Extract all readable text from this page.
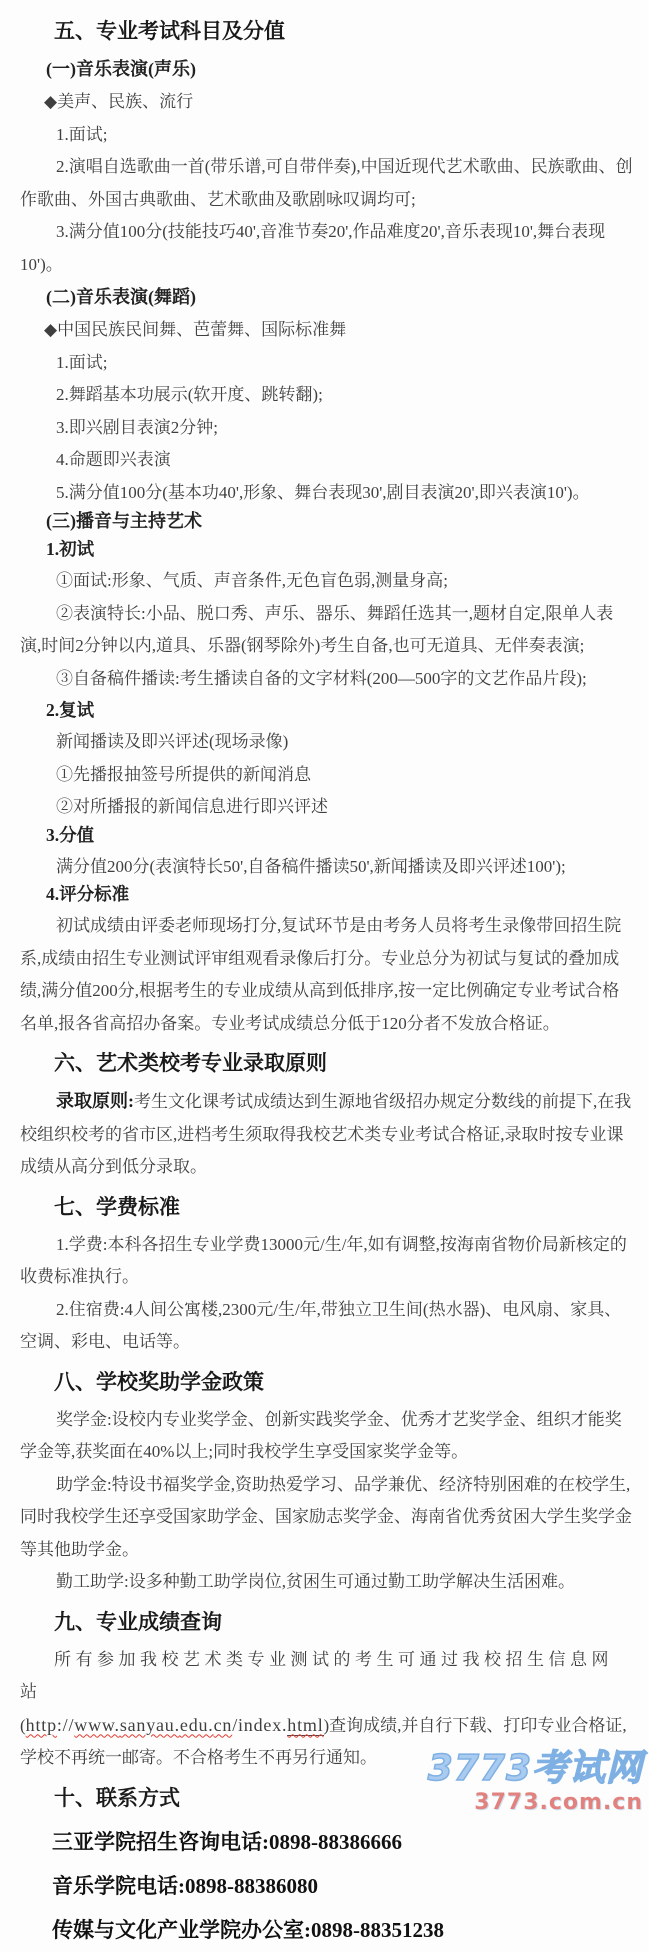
五、专业考试科目及分值
(一)音乐表演(声乐)

◆美声、民族、流行

1.面试;

2.演唱自选歌曲一首(带乐谱,可自带伴奏),中国近现代艺术歌曲、民族歌曲、创作歌曲、外国古典歌曲、艺术歌曲及歌剧咏叹调均可;

3.满分值100分(技能技巧40',音准节奏20',作品难度20',音乐表现10',舞台表现10')。

(二)音乐表演(舞蹈)

◆中国民族民间舞、芭蕾舞、国际标准舞

1.面试;

2.舞蹈基本功展示(软开度、跳转翻);

3.即兴剧目表演2分钟;

4.命题即兴表演

5.满分值100分(基本功40',形象、舞台表现30',剧目表演20',即兴表演10')。

(三)播音与主持艺术

1.初试

①面试:形象、气质、声音条件,无色盲色弱,测量身高;

②表演特长:小品、脱口秀、声乐、器乐、舞蹈任选其一,题材自定,限单人表演,时间2分钟以内,道具、乐器(钢琴除外)考生自备,也可无道具、无伴奏表演;

③自备稿件播读:考生播读自备的文字材料(200—500字的文艺作品片段);

2.复试

新闻播读及即兴评述(现场录像)

①先播报抽签号所提供的新闻消息

②对所播报的新闻信息进行即兴评述

3.分值

满分值200分(表演特长50',自备稿件播读50',新闻播读及即兴评述100');

4.评分标准

初试成绩由评委老师现场打分,复试环节是由考务人员将考生录像带回招生院系,成绩由招生专业测试评审组观看录像后打分。专业总分为初试与复试的叠加成绩,满分值200分,根据考生的专业成绩从高到低排序,按一定比例确定专业考试合格名单,报各省高招办备案。专业考试成绩总分低于120分者不发放合格证。

六、艺术类校考专业录取原则

录取原则:考生文化课考试成绩达到生源地省级招办规定分数线的前提下,在我校组织校考的省市区,进档考生须取得我校艺术类专业考试合格证,录取时按专业课成绩从高分到低分录取。

七、学费标准

1.学费:本科各招生专业学费13000元/生/年,如有调整,按海南省物价局新核定的收费标准执行。

2.住宿费:4人间公寓楼,2300元/生/年,带独立卫生间(热水器)、电风扇、家具、空调、彩电、电话等。

八、学校奖助学金政策

奖学金:设校内专业奖学金、创新实践奖学金、优秀才艺奖学金、组织才能奖学金等,获奖面在40%以上;同时我校学生享受国家奖学金等。

助学金:特设书福奖学金,资助热爱学习、品学兼优、经济特别困难的在校学生,同时我校学生还享受国家助学金、国家励志奖学金、海南省优秀贫困大学生奖学金等其他助学金。

勤工助学:设多种勤工助学岗位,贫困生可通过勤工助学解决生活困难。

九、专业成绩查询

所有参加我校艺术类专业测试的考生可通过我校招生信息网站

(http://www.sanyau.edu.cn/index.html)查询成绩,并自行下载、打印专业合格证,学校不再统一邮寄。不合格考生不再另行通知。

十、联系方式

三亚学院招生咨询电话:0898-88386666

音乐学院电话:0898-88386080

传媒与文化产业学院办公室:0898-88351238

3773考试网
3773.com.cn
